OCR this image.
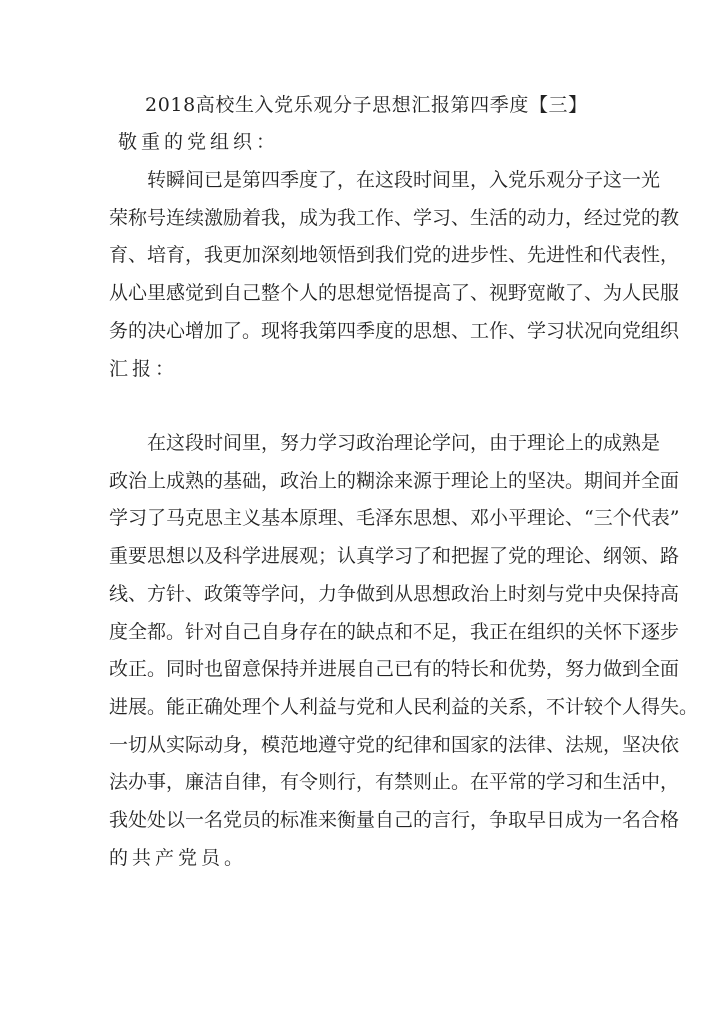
2018高校生入党乐观分子思想汇报第四季度【三】
敬重的党组织：
　　转瞬间已是第四季度了，在这段时间里，入党乐观分子这一光
荣称号连续激励着我，成为我工作、学习、生活的动力，经过党的教
育、培育，我更加深刻地领悟到我们党的进步性、先进性和代表性，
从心里感觉到自己整个人的思想觉悟提高了、视野宽敞了、为人民服
务的决心增加了。现将我第四季度的思想、工作、学习状况向党组织
汇报：
　　在这段时间里，努力学习政治理论学问，由于理论上的成熟是
政治上成熟的基础，政治上的糊涂来源于理论上的坚决。期间并全面
学习了马克思主义基本原理、毛泽东思想、邓小平理论、“三个代表”
重要思想以及科学进展观；认真学习了和把握了党的理论、纲领、路
线、方针、政策等学问，力争做到从思想政治上时刻与党中央保持高
度全都。针对自己自身存在的缺点和不足，我正在组织的关怀下逐步
改正。同时也留意保持并进展自己已有的特长和优势，努力做到全面
进展。能正确处理个人利益与党和人民利益的关系，不计较个人得失。
一切从实际动身，模范地遵守党的纪律和国家的法律、法规，坚决依
法办事，廉洁自律，有令则行，有禁则止。在平常的学习和生活中，
我处处以一名党员的标准来衡量自己的言行，争取早日成为一名合格
的共产党员。
